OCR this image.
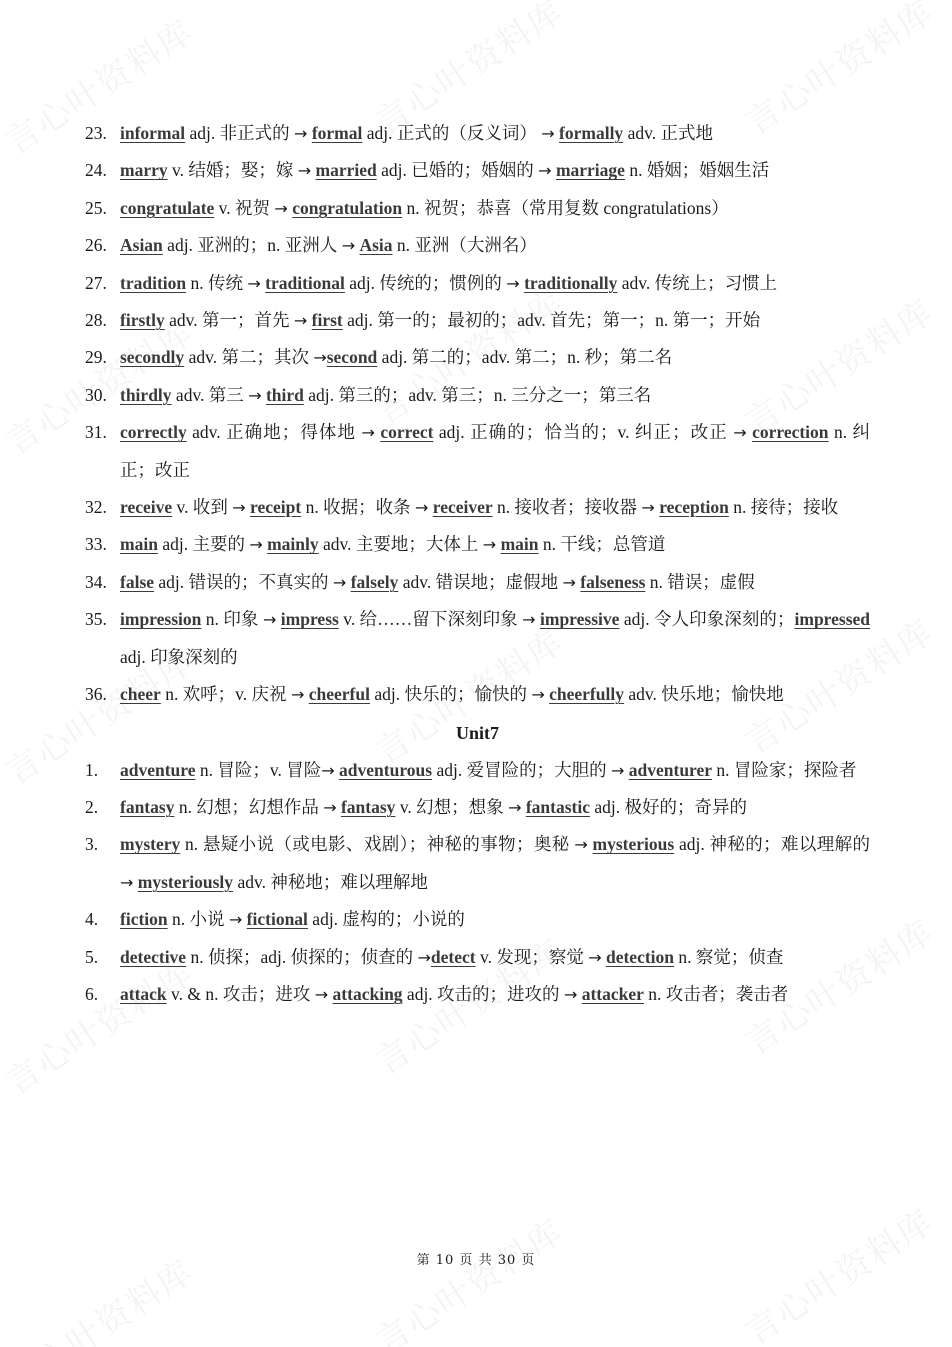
23. informal adj. 非正式的 → formal adj. 正式的（反义词） → formally adv. 正式地
24. marry v. 结婚；娶；嫁 → married adj. 已婚的；婚姻的 → marriage n. 婚姻；婚姻生活
25. congratulate v. 祝贺 → congratulation n. 祝贺；恭喜（常用复数 congratulations）
26. Asian adj. 亚洲的；n. 亚洲人 → Asia n. 亚洲（大洲名）
27. tradition n. 传统 → traditional adj. 传统的；惯例的 → traditionally adv. 传统上；习惯上
28. firstly adv. 第一；首先 → first adj. 第一的；最初的；adv. 首先；第一；n. 第一；开始
29. secondly adv. 第二；其次 →second adj. 第二的；adv. 第二；n. 秒；第二名
30. thirdly adv. 第三 → third adj. 第三的；adv. 第三；n. 三分之一；第三名
31. correctly adv. 正确地；得体地 → correct adj. 正确的；恰当的；v. 纠正；改正 → correction n. 纠正；改正
32. receive v. 收到 → receipt n. 收据；收条 → receiver n. 接收者；接收器 → reception n. 接待；接收
33. main adj. 主要的 → mainly adv. 主要地；大体上 → main n. 干线；总管道
34. false adj. 错误的；不真实的 → falsely adv. 错误地；虚假地 → falseness n. 错误；虚假
35. impression n. 印象 → impress v. 给……留下深刻印象 → impressive adj. 令人印象深刻的；impressed adj. 印象深刻的
36. cheer n. 欢呼；v. 庆祝 → cheerful adj. 快乐的；愉快的 → cheerfully adv. 快乐地；愉快地
Unit7
1. adventure n. 冒险；v. 冒险→ adventurous adj. 爱冒险的；大胆的 → adventurer n. 冒险家；探险者
2. fantasy n. 幻想；幻想作品 → fantasy v. 幻想；想象 → fantastic adj. 极好的；奇异的
3. mystery n. 悬疑小说（或电影、戏剧）；神秘的事物；奥秘 → mysterious adj. 神秘的；难以理解的 → mysteriously adv. 神秘地；难以理解地
4. fiction n. 小说 → fictional adj. 虚构的；小说的
5. detective n. 侦探；adj. 侦探的；侦查的 →detect v. 发现；察觉 → detection n. 察觉；侦查
6. attack v. & n. 攻击；进攻 → attacking adj. 攻击的；进攻的 → attacker n. 攻击者；袭击者
第 10 页 共 30 页
